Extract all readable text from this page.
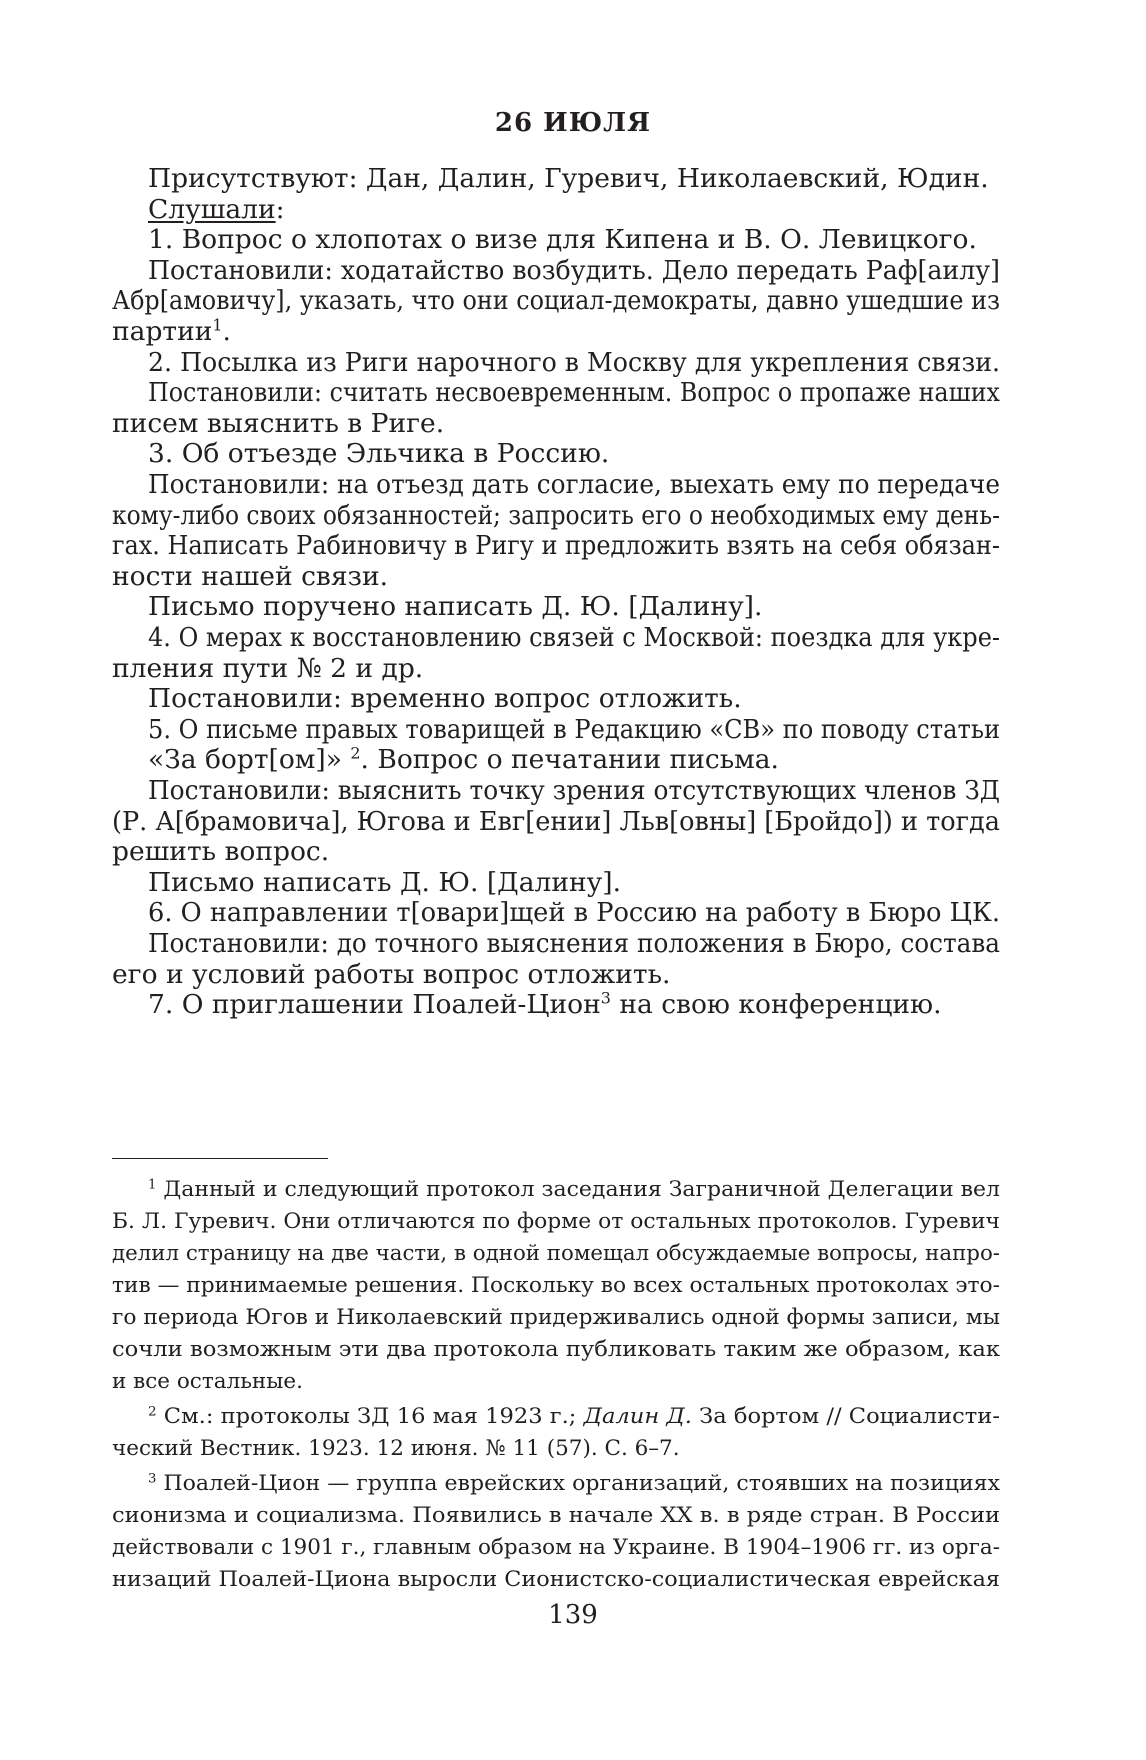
26 ИЮЛЯ
Присутствуют: Дан, Далин, Гуревич, Николаевский, Юдин.
Слушали:
1. Вопрос о хлопотах о визе для Кипена и В. О. Левицкого.
Постановили: ходатайство возбудить. Дело передать Раф[аилу]
Абр[амовичу], указать, что они социал-демократы, давно ушедшие из
партии$^1$.
2. Посылка из Риги нарочного в Москву для укрепления связи.
Постановили: считать несвоевременным. Вопрос о пропаже наших
писем выяснить в Риге.
3. Об отъезде Эльчика в Россию.
Постановили: на отъезд дать согласие, выехать ему по передаче
кому-либо своих обязанностей; запросить его о необходимых ему день-
гах. Написать Рабиновичу в Ригу и предложить взять на себя обязан-
ности нашей связи.
Письмо поручено написать Д. Ю. [Далину].
4. О мерах к восстановлению связей с Москвой: поездка для укре-
пления пути № 2 и др.
Постановили: временно вопрос отложить.
5. О письме правых товарищей в Редакцию «СВ» по поводу статьи
«За борт[ом]» $^2$. Вопрос о печатании письма.
Постановили: выяснить точку зрения отсутствующих членов ЗД
(Р. А[брамовича], Югова и Евг[ении] Льв[овны] [Бройдо]) и тогда
решить вопрос.
Письмо написать Д. Ю. [Далину].
6. О направлении т[овари]щей в Россию на работу в Бюро ЦК.
Постановили: до точного выяснения положения в Бюро, состава
его и условий работы вопрос отложить.
7. О приглашении Поалей-Цион$^3$ на свою конференцию.
$^1$ Данный и следующий протокол заседания Заграничной Делегации вел
Б. Л. Гуревич. Они отличаются по форме от остальных протоколов. Гуревич
делил страницу на две части, в одной помещал обсуждаемые вопросы, напро-
тив — принимаемые решения. Поскольку во всех остальных протоколах это-
го периода Югов и Николаевский придерживались одной формы записи, мы
сочли возможным эти два протокола публиковать таким же образом, как
и все остальные.
$^2$ См.: протоколы ЗД 16 мая 1923 г.; Далин Д. За бортом // Социалисти-
ческий Вестник. 1923. 12 июня. № 11 (57). С. 6–7.
$^3$ Поалей-Цион — группа еврейских организаций, стоявших на позициях
сионизма и социализма. Появились в начале XX в. в ряде стран. В России
действовали с 1901 г., главным образом на Украине. В 1904–1906 гг. из орга-
низаций Поалей-Циона выросли Сионистско-социалистическая еврейская
139
